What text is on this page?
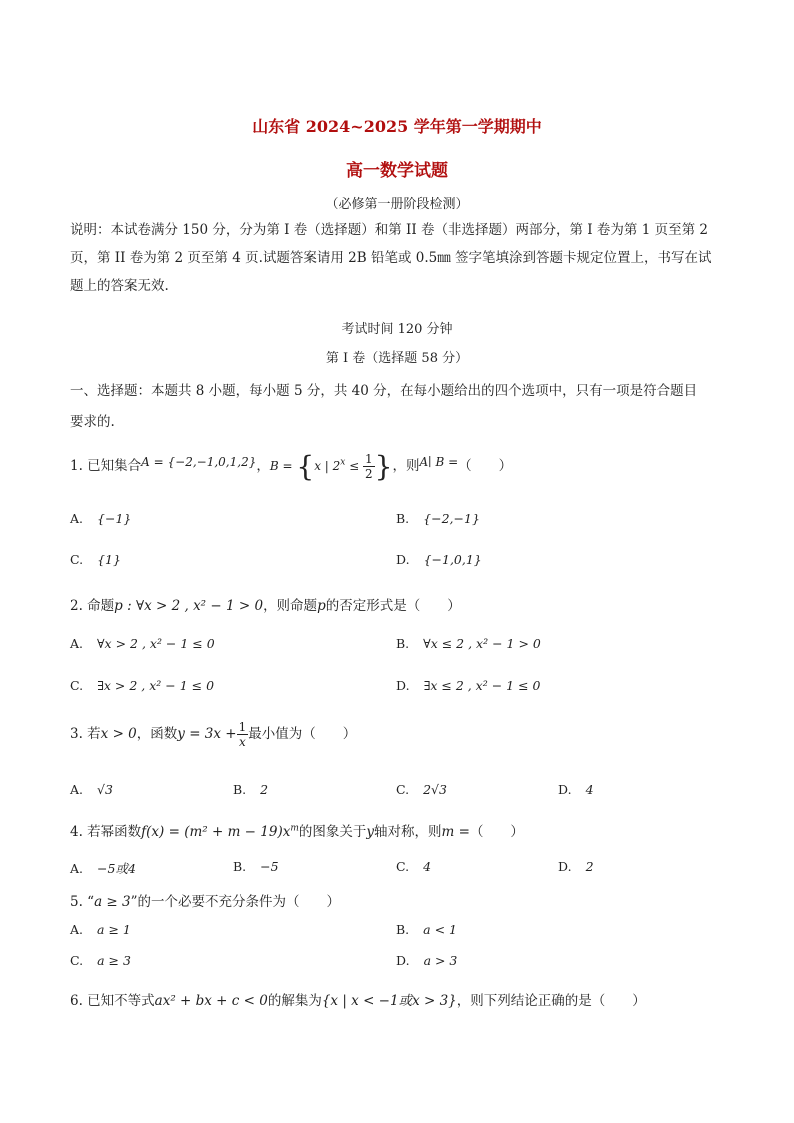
山东省 2024~2025 学年第一学期期中
高一数学试题
（必修第一册阶段检测）
说明：本试卷满分 150 分，分为第 I 卷（选择题）和第 II 卷（非选择题）两部分，第 I 卷为第 1 页至第 2 页，第 II 卷为第 2 页至第 4 页.试题答案请用 2B 铅笔或 0.5㎜ 签字笔填涂到答题卡规定位置上，书写在试题上的答案无效.
考试时间 120 分钟
第 I 卷（选择题 58 分）
一、选择题：本题共 8 小题，每小题 5 分，共 40 分，在每小题给出的四个选项中，只有一项是符合题目
要求的.
1. 已知集合A = {−2,−1,0,1,2}，B = {x | $2^x \le \frac{1}{2}$ }，则A∣ B =（　　）
A. {−1}	B. {−2,−1}
C. {1}	D. {−1,0,1}
2. 命题p : ∀x > 2 , x² − 1 > 0，则命题p的否定形式是（　　）
A. ∀x > 2 , x² − 1 ≤ 0	B. ∀x ≤ 2 , x² − 1 > 0
C. ∃x > 2 , x² − 1 ≤ 0	D. ∃x ≤ 2 , x² − 1 ≤ 0
3. 若x > 0，函数$y = 3x + \frac{1}{x}$ 最小值为（　　）
A. √3	B. 2	C. 2√3	D. 4
4. 若幂函数$f(x) = (m^2 + m - 19)x^m$的图象关于y轴对称，则m =（　　）
A. −5或4	B. −5	C. 4	D. 2
5. “a ≥ 3”的一个必要不充分条件为（　　）
A. a ≥ 1	B. a < 1
C. a ≥ 3	D. a > 3
6. 已知不等式ax² + bx + c < 0的解集为{x | x < −1或x > 3}，则下列结论正确的是（　　）
